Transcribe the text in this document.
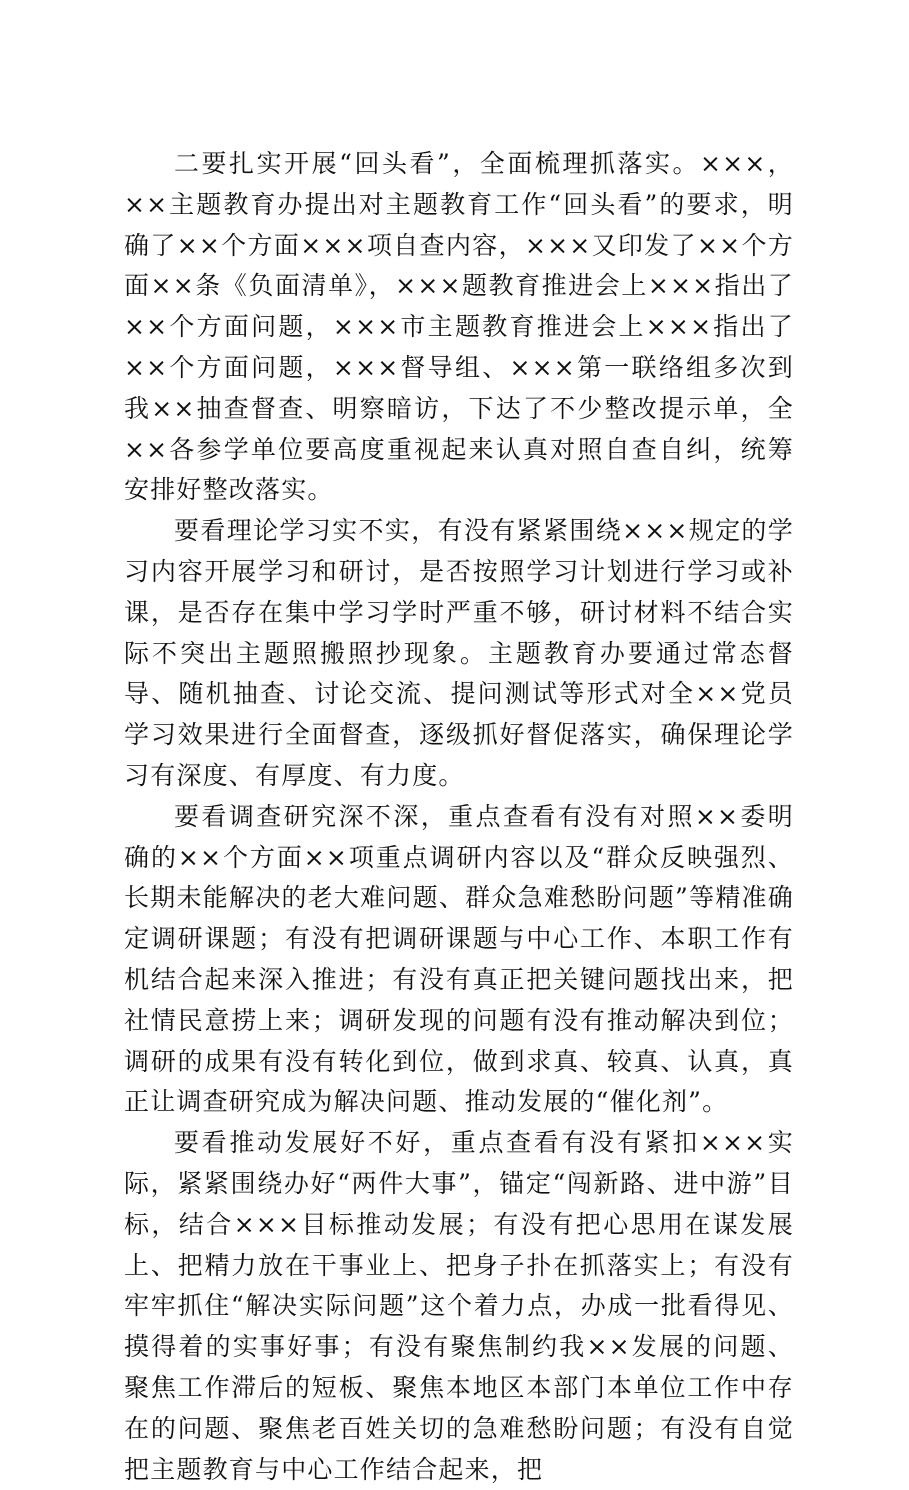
二要扎实开展“回头看”，全面梳理抓落实。×××，××主题教育办提出对主题教育工作“回头看”的要求，明确了××个方面×××项自查内容，×××又印发了××个方面××条《负面清单》，×××题教育推进会上×××指出了××个方面问题，×××市主题教育推进会上×××指出了××个方面问题，×××督导组、×××第一联络组多次到我××抽查督查、明察暗访，下达了不少整改提示单，全××各参学单位要高度重视起来认真对照自查自纠，统筹安排好整改落实。

要看理论学习实不实，有没有紧紧围绕×××规定的学习内容开展学习和研讨，是否按照学习计划进行学习或补课，是否存在集中学习学时严重不够，研讨材料不结合实际不突出主题照搬照抄现象。主题教育办要通过常态督导、随机抽查、讨论交流、提问测试等形式对全××党员学习效果进行全面督查，逐级抓好督促落实，确保理论学习有深度、有厚度、有力度。

要看调查研究深不深，重点查看有没有对照××委明确的××个方面××项重点调研内容以及“群众反映强烈、长期未能解决的老大难问题、群众急难愁盼问题”等精准确定调研课题；有没有把调研课题与中心工作、本职工作有机结合起来深入推进；有没有真正把关键问题找出来，把社情民意捞上来；调研发现的问题有没有推动解决到位；调研的成果有没有转化到位，做到求真、较真、认真，真正让调查研究成为解决问题、推动发展的“催化剂”。

要看推动发展好不好，重点查看有没有紧扣×××实际，紧紧围绕办好“两件大事”，锚定“闯新路、进中游”目标，结合×××目标推动发展；有没有把心思用在谋发展上、把精力放在干事业上、把身子扑在抓落实上；有没有牢牢抓住“解决实际问题”这个着力点，办成一批看得见、摸得着的实事好事；有没有聚焦制约我××发展的问题、聚焦工作滞后的短板、聚焦本地区本部门本单位工作中存在的问题、聚焦老百姓关切的急难愁盼问题；有没有自觉把主题教育与中心工作结合起来，把
